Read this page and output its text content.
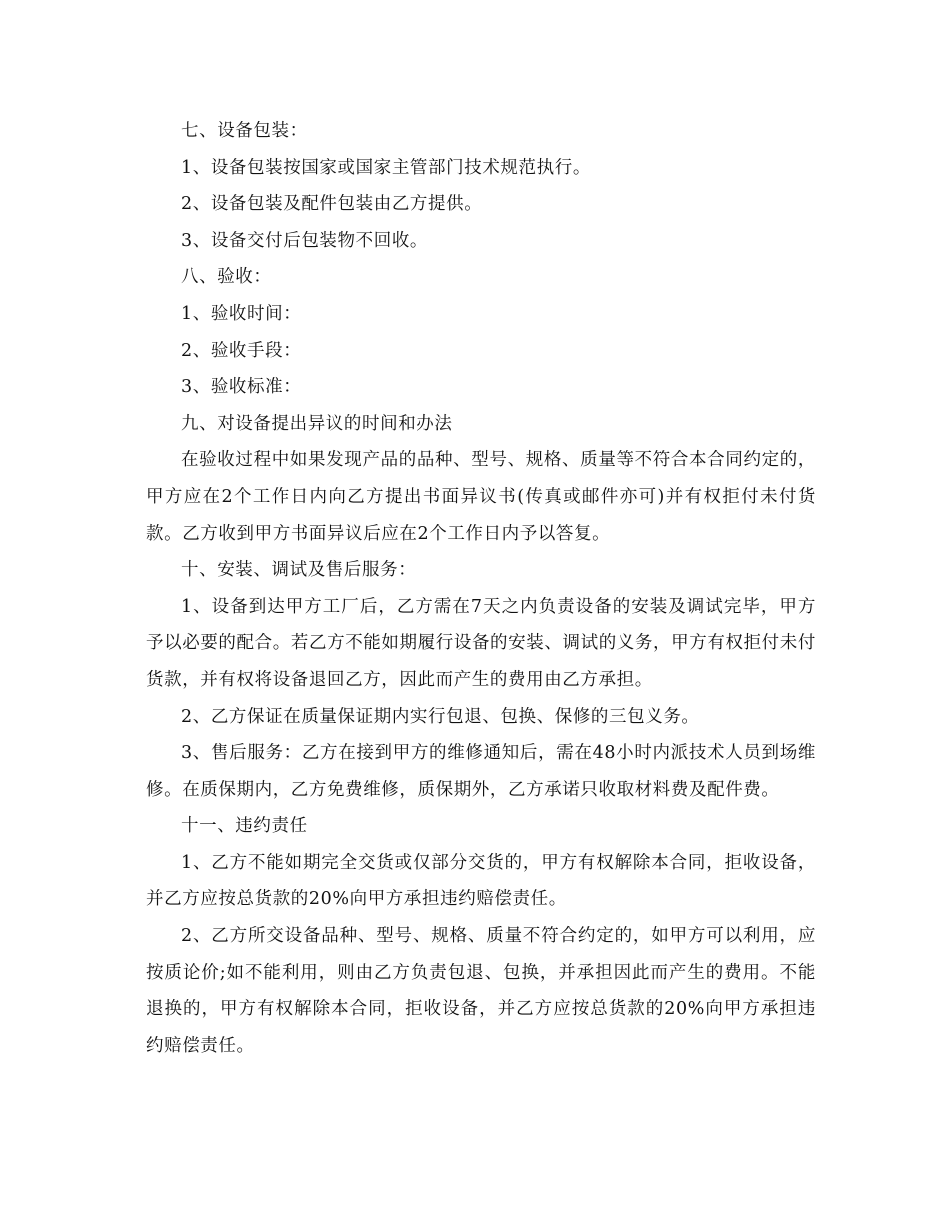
七、设备包装：

1、设备包装按国家或国家主管部门技术规范执行。

2、设备包装及配件包装由乙方提供。

3、设备交付后包装物不回收。

八、验收：

1、验收时间：

2、验收手段：

3、验收标准：

九、对设备提出异议的时间和办法

在验收过程中如果发现产品的品种、型号、规格、质量等不符合本合同约定的，甲方应在2个工作日内向乙方提出书面异议书(传真或邮件亦可)并有权拒付未付货款。乙方收到甲方书面异议后应在2个工作日内予以答复。

十、安装、调试及售后服务：

1、设备到达甲方工厂后，乙方需在7天之内负责设备的安装及调试完毕，甲方予以必要的配合。若乙方不能如期履行设备的安装、调试的义务，甲方有权拒付未付货款，并有权将设备退回乙方，因此而产生的费用由乙方承担。

2、乙方保证在质量保证期内实行包退、包换、保修的三包义务。

3、售后服务：乙方在接到甲方的维修通知后，需在48小时内派技术人员到场维修。在质保期内，乙方免费维修，质保期外，乙方承诺只收取材料费及配件费。

十一、违约责任

1、乙方不能如期完全交货或仅部分交货的，甲方有权解除本合同，拒收设备，并乙方应按总货款的20%向甲方承担违约赔偿责任。

2、乙方所交设备品种、型号、规格、质量不符合约定的，如甲方可以利用，应按质论价;如不能利用，则由乙方负责包退、包换，并承担因此而产生的费用。不能退换的，甲方有权解除本合同，拒收设备，并乙方应按总货款的20%向甲方承担违约赔偿责任。
